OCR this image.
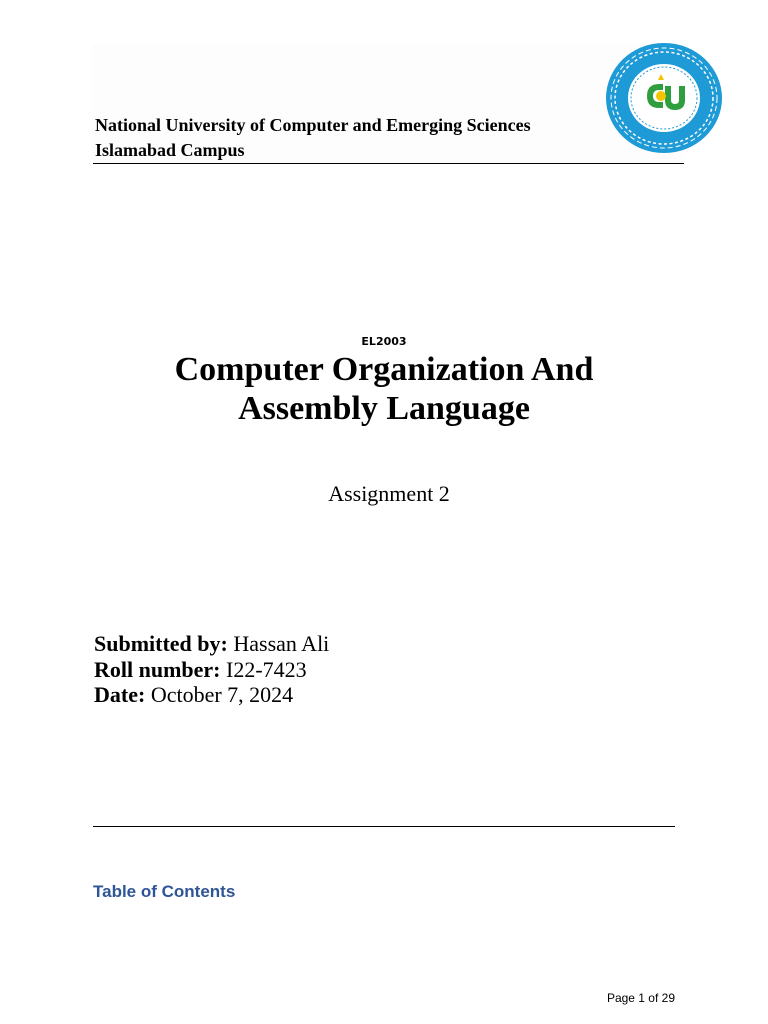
National University of Computer and Emerging Sciences
Islamabad Campus
EL2003
Computer Organization And
Assembly Language
Assignment 2
Submitted by: Hassan Ali
Roll number: I22-7423
Date: October 7, 2024
Table of Contents
Page 1 of 29
